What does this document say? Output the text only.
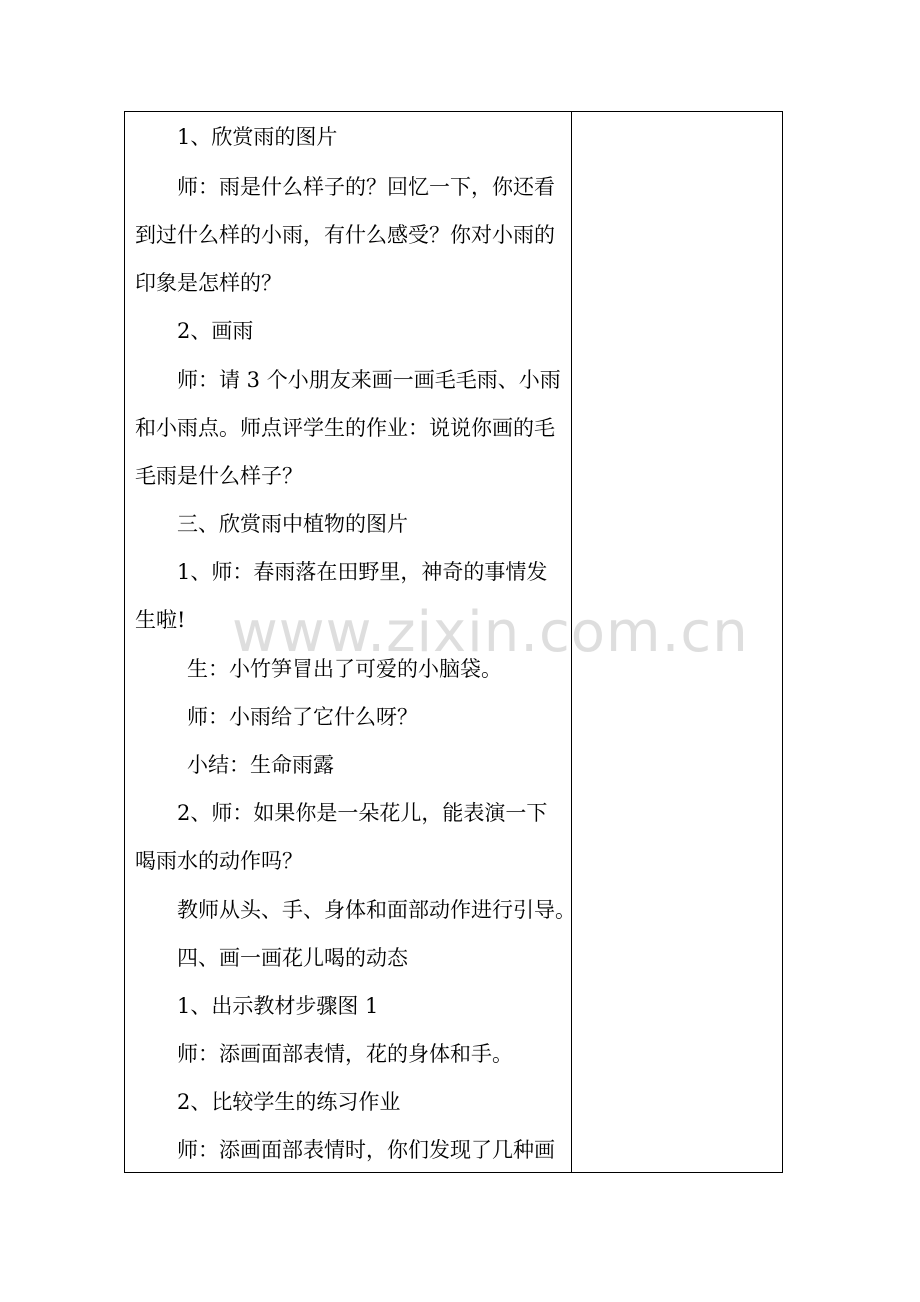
1、欣赏雨的图片
师：雨是什么样子的？回忆一下，你还看
到过什么样的小雨，有什么感受？你对小雨的
印象是怎样的？
2、画雨
师：请 3 个小朋友来画一画毛毛雨、小雨
和小雨点。师点评学生的作业：说说你画的毛
毛雨是什么样子？
三、欣赏雨中植物的图片
1、师：春雨落在田野里，神奇的事情发
生啦!
生：小竹笋冒出了可爱的小脑袋。
师：小雨给了它什么呀？
小结：生命雨露
2、师：如果你是一朵花儿，能表演一下
喝雨水的动作吗？
教师从头、手、身体和面部动作进行引导。
四、画一画花儿喝的动态
1、出示教材步骤图 1
师：添画面部表情，花的身体和手。
2、比较学生的练习作业
师：添画面部表情时，你们发现了几种画
www.zixin.com.cn
